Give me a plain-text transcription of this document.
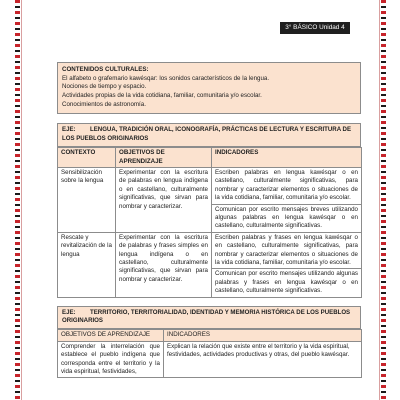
3° BÁSICO Unidad 4
CONTENIDOS CULTURALES:
El alfabeto o grafemario kawésqar: los sonidos característicos de la lengua.
Nociones de tiempo y espacio.
Actividades propias de la vida cotidiana, familiar, comunitaria y/o escolar.
Conocimientos de astronomía.
EJE: LENGUA, TRADICIÓN ORAL, ICONOGRAFÍA, PRÁCTICAS DE LECTURA Y ESCRITURA DE LOS PUEBLOS ORIGINARIOS
CONTEXTO	OBJETIVOS DE APRENDIZAJE	INDICADORES
Sensibilización sobre la lengua	Experimentar con la escritura de palabras en lengua indígena o en castellano, culturalmente significativas, que sirvan para nombrar y caracterizar.	Escriben palabras en lengua kawésqar o en castellano, culturalmente significativas, para nombrar y caracterizar elementos o situaciones de la vida cotidiana, familiar, comunitaria y/o escolar.
		Comunican por escrito mensajes breves utilizando algunas palabras en lengua kawésqar o en castellano, culturalmente significativas.
Rescate y revitalización de la lengua	Experimentar con la escritura de palabras y frases simples en lengua indígena o en castellano, culturalmente significativas, que sirvan para nombrar y caracterizar.	Escriben palabras y frases en lengua kawésqar o en castellano, culturalmente significativas, para nombrar y caracterizar elementos o situaciones de la vida cotidiana, familiar, comunitaria y/o escolar.
		Comunican por escrito mensajes utilizando algunas palabras y frases en lengua kawésqar o en castellano, culturalmente significativas.
EJE: TERRITORIO, TERRITORIALIDAD, IDENTIDAD Y MEMORIA HISTÓRICA DE LOS PUEBLOS ORIGINARIOS
OBJETIVOS DE APRENDIZAJE	INDICADORES
Comprender la interrelación que establece el pueblo indígena que corresponda entre el territorio y la vida espiritual, festividades,	Explican la relación que existe entre el territorio y la vida espiritual, festividades, actividades productivas y otras, del pueblo kawésqar.
